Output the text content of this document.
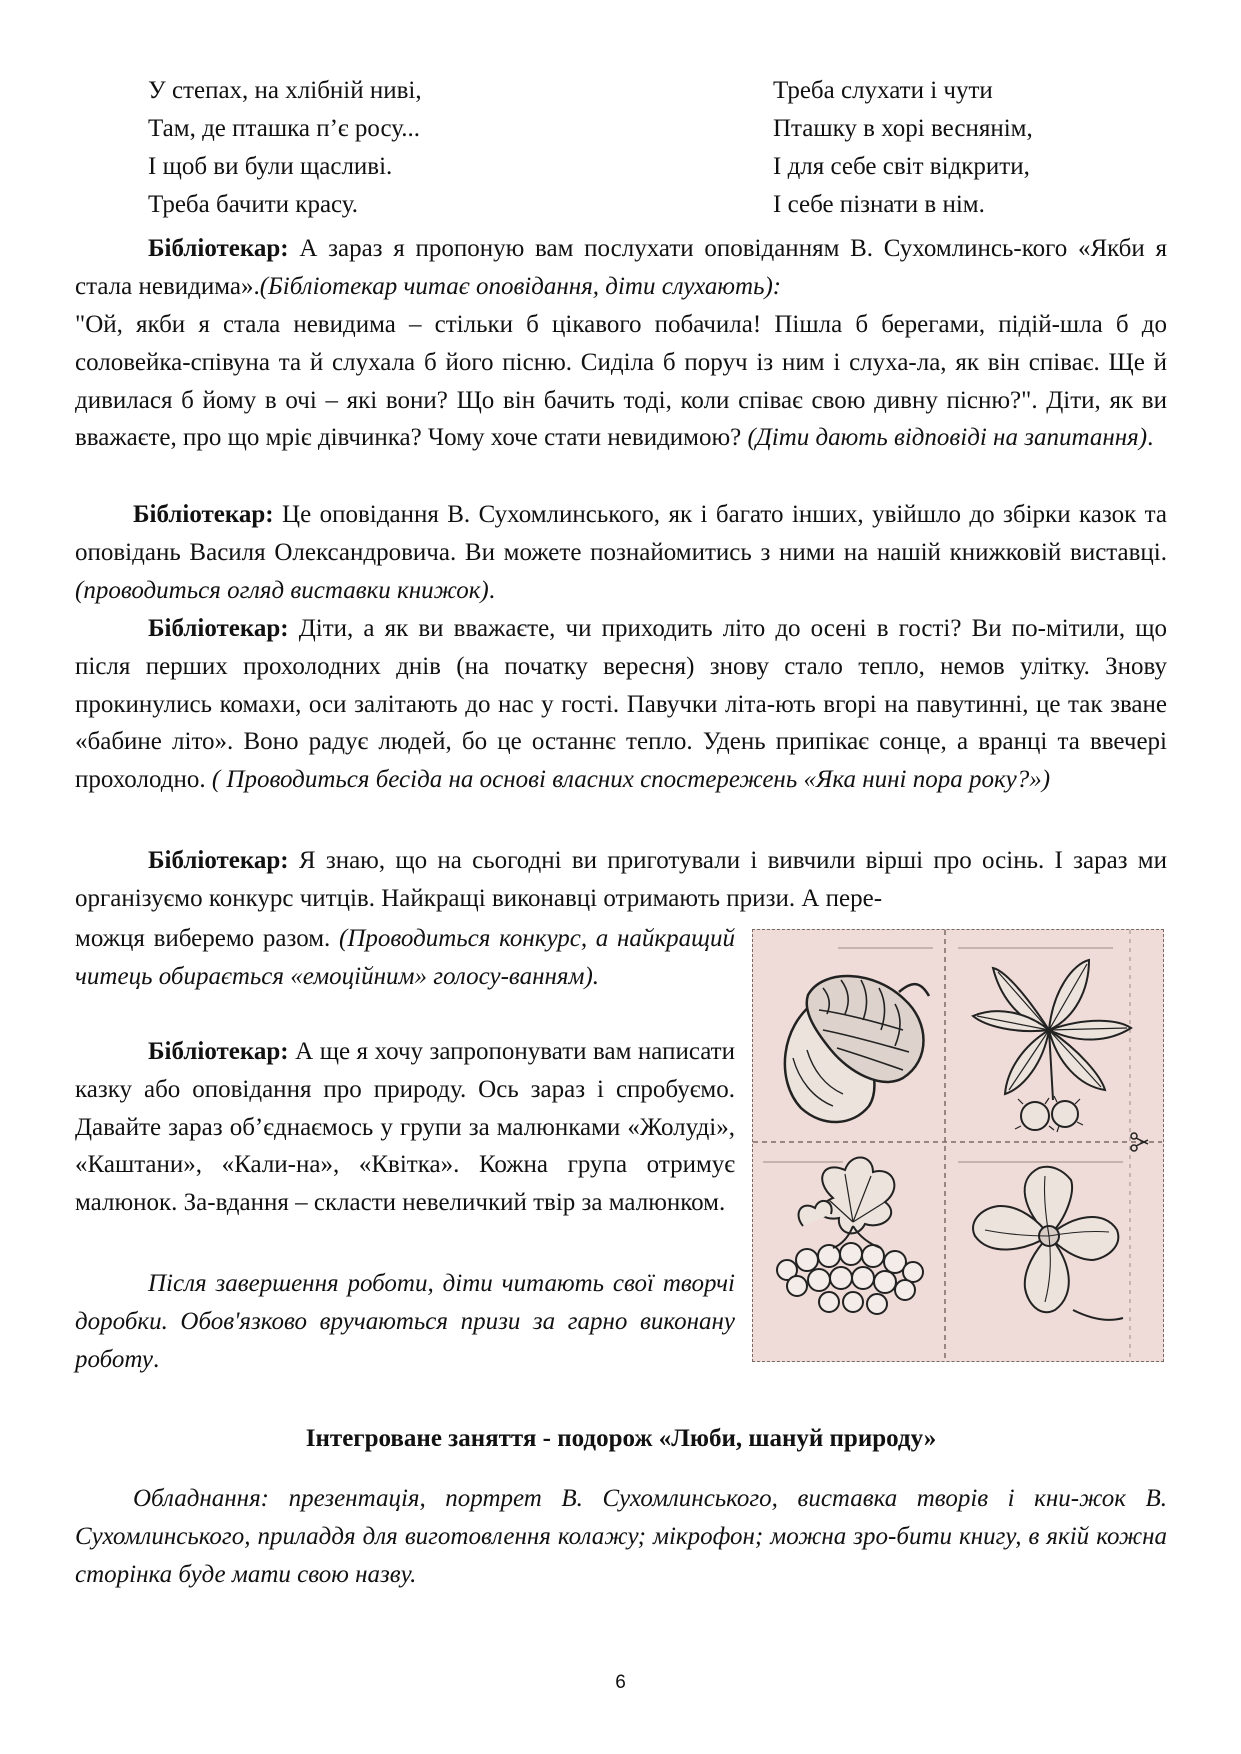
У степах, на хлібній ниві,
Там, де пташка п’є росу...
І щоб ви були щасливі.
Треба бачити красу.
Треба слухати і чути
Пташку в хорі веснянім,
І для себе світ відкрити,
І себе пізнати в нім.
Бібліотекар: А зараз я пропоную вам послухати оповіданням В. Сухомлинсь-кого «Якби я стала невидима».(Бібліотекар читає оповідання, діти слухають):
"Ой, якби я стала невидима – стільки б цікавого побачила! Пішла б берегами, підій-шла б до соловейка-співуна та й слухала б його пісню. Сиділа б поруч із ним і слуха-ла, як він співає. Ще й дивилася б йому в очі – які вони? Що він бачить тоді, коли співає свою дивну пісню?". Діти, як ви вважаєте, про що мріє дівчинка? Чому хоче стати невидимою? (Діти дають відповіді на запитання).
Бібліотекар: Це оповідання В. Сухомлинського, як і багато інших, увійшло до збірки казок та оповідань Василя Олександровича. Ви можете познайомитись з ними на нашій книжковій виставці. (проводиться огляд виставки книжок).
Бібліотекар: Діти, а як ви вважаєте, чи приходить літо до осені в гості? Ви по-мітили, що після перших прохолодних днів (на початку вересня) знову стало тепло, немов улітку. Знову прокинулись комахи, оси залітають до нас у гості. Павучки літа-ють вгорі на павутинні, це так зване «бабине літо». Воно радує людей, бо це останнє тепло. Удень припікає сонце, а вранці та ввечері прохолодно. ( Проводиться бесіда на основі власних спостережень «Яка нині пора року?»)
Бібліотекар: Я знаю, що на сьогодні ви приготували і вивчили вірші про осінь. І зараз ми організуємо конкурс читців. Найкращі виконавці отримають призи. А пере-

можця виберемо разом. (Проводиться конкурс, а найкращий читець обирається «емоційним» голосу-ванням).

Бібліотекар: А ще я хочу запропонувати вам написати казку або оповідання про природу. Ось зараз і спробуємо. Давайте зараз об’єднаємось у групи за малюнками «Жолуді», «Каштани», «Кали-на», «Квітка». Кожна група отримує малюнок. За-вдання – скласти невеличкий твір за малюнком.

Після завершення роботи, діти читають свої творчі доробки. Обов'язково вручаються призи за гарно виконану роботу.

Інтегроване заняття - подорож «Люби, шануй природу»
Обладнання: презентація, портрет В. Сухомлинського, виставка творів і кни-жок В. Сухомлинського, приладдя для виготовлення колажу; мікрофон; можна зро-бити книгу, в якій кожна сторінка буде мати свою назву.
6
